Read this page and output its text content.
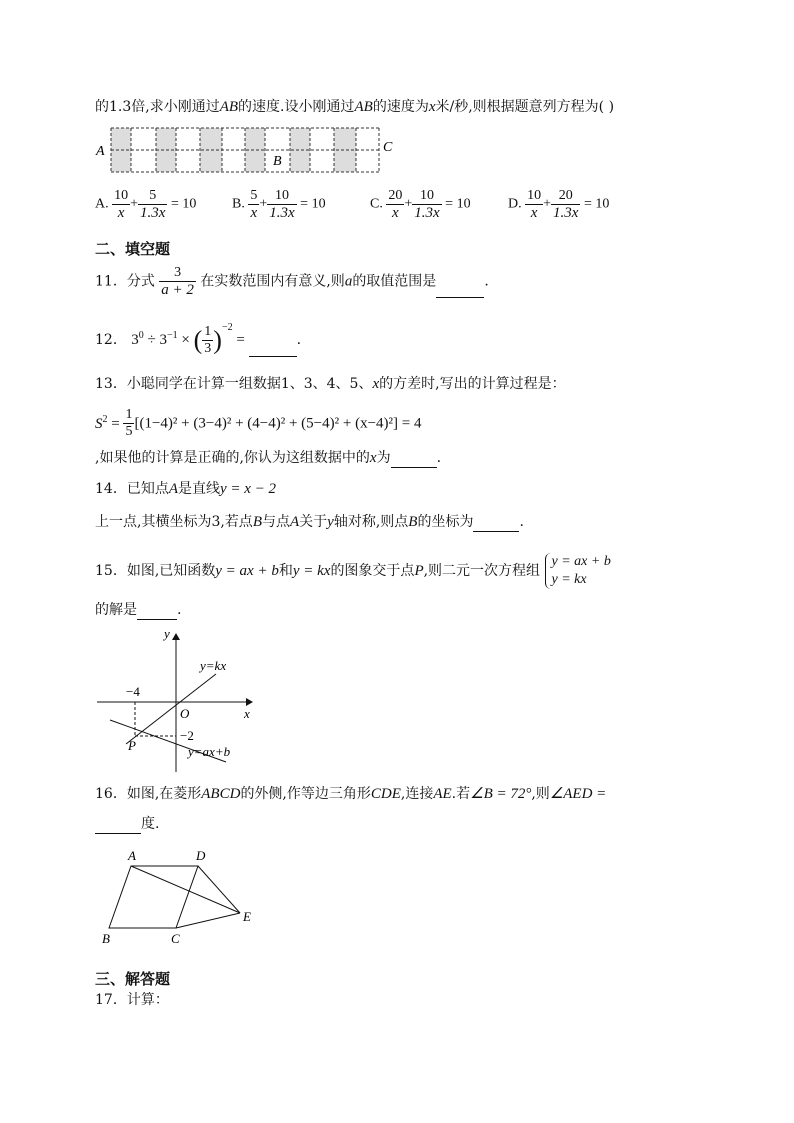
的1.3倍,求小刚通过AB的速度.设小刚通过AB的速度为x米/秒,则根据题意列方程为( )
A
B
C
A. $\frac{10}{x} + \frac{5}{1.3x} = 10$	B. $\frac{5}{x} + \frac{10}{1.3x} = 10$	C. $\frac{20}{x} + \frac{10}{1.3x} = 10$	D. $\frac{10}{x} + \frac{20}{1.3x} = 10$
二、填空题
11．分式 $\frac{3}{a + 2}$ 在实数范围内有意义,则a的取值范围是	.
12． $3^0 \div 3^{-1}$ × ( $\frac{1}{3} )^{-2}$ =	.
13．小聪同学在计算一组数据1、3、4、5、x的方差时,写出的计算过程是：
$S^2 = \frac{1}{5} [(1-4)^2 + (3-4)^2 + (4-4)^2 + (5-4)^2 + (x-4)^2] = 4$
,如果他的计算是正确的,你认为这组数据中的x为	.
14．已知点A是直线y = x − 2
上一点,其横坐标为3,若点B与点A关于y轴对称,则点B的坐标为	.
15．如图,已知函数y = ax + b和y = kx的图象交于点P,则二元一次方程组
y = ax + b
y = kx
的解是	.
y
x
O
−4
−2
P
y=kx
y=ax+b
16．如图,在菱形ABCD的外侧,作等边三角形CDE,连接AE.若∠B = 72°,则∠AED =
度.
A	D
B	C
E
三、解答题
17．计算：
